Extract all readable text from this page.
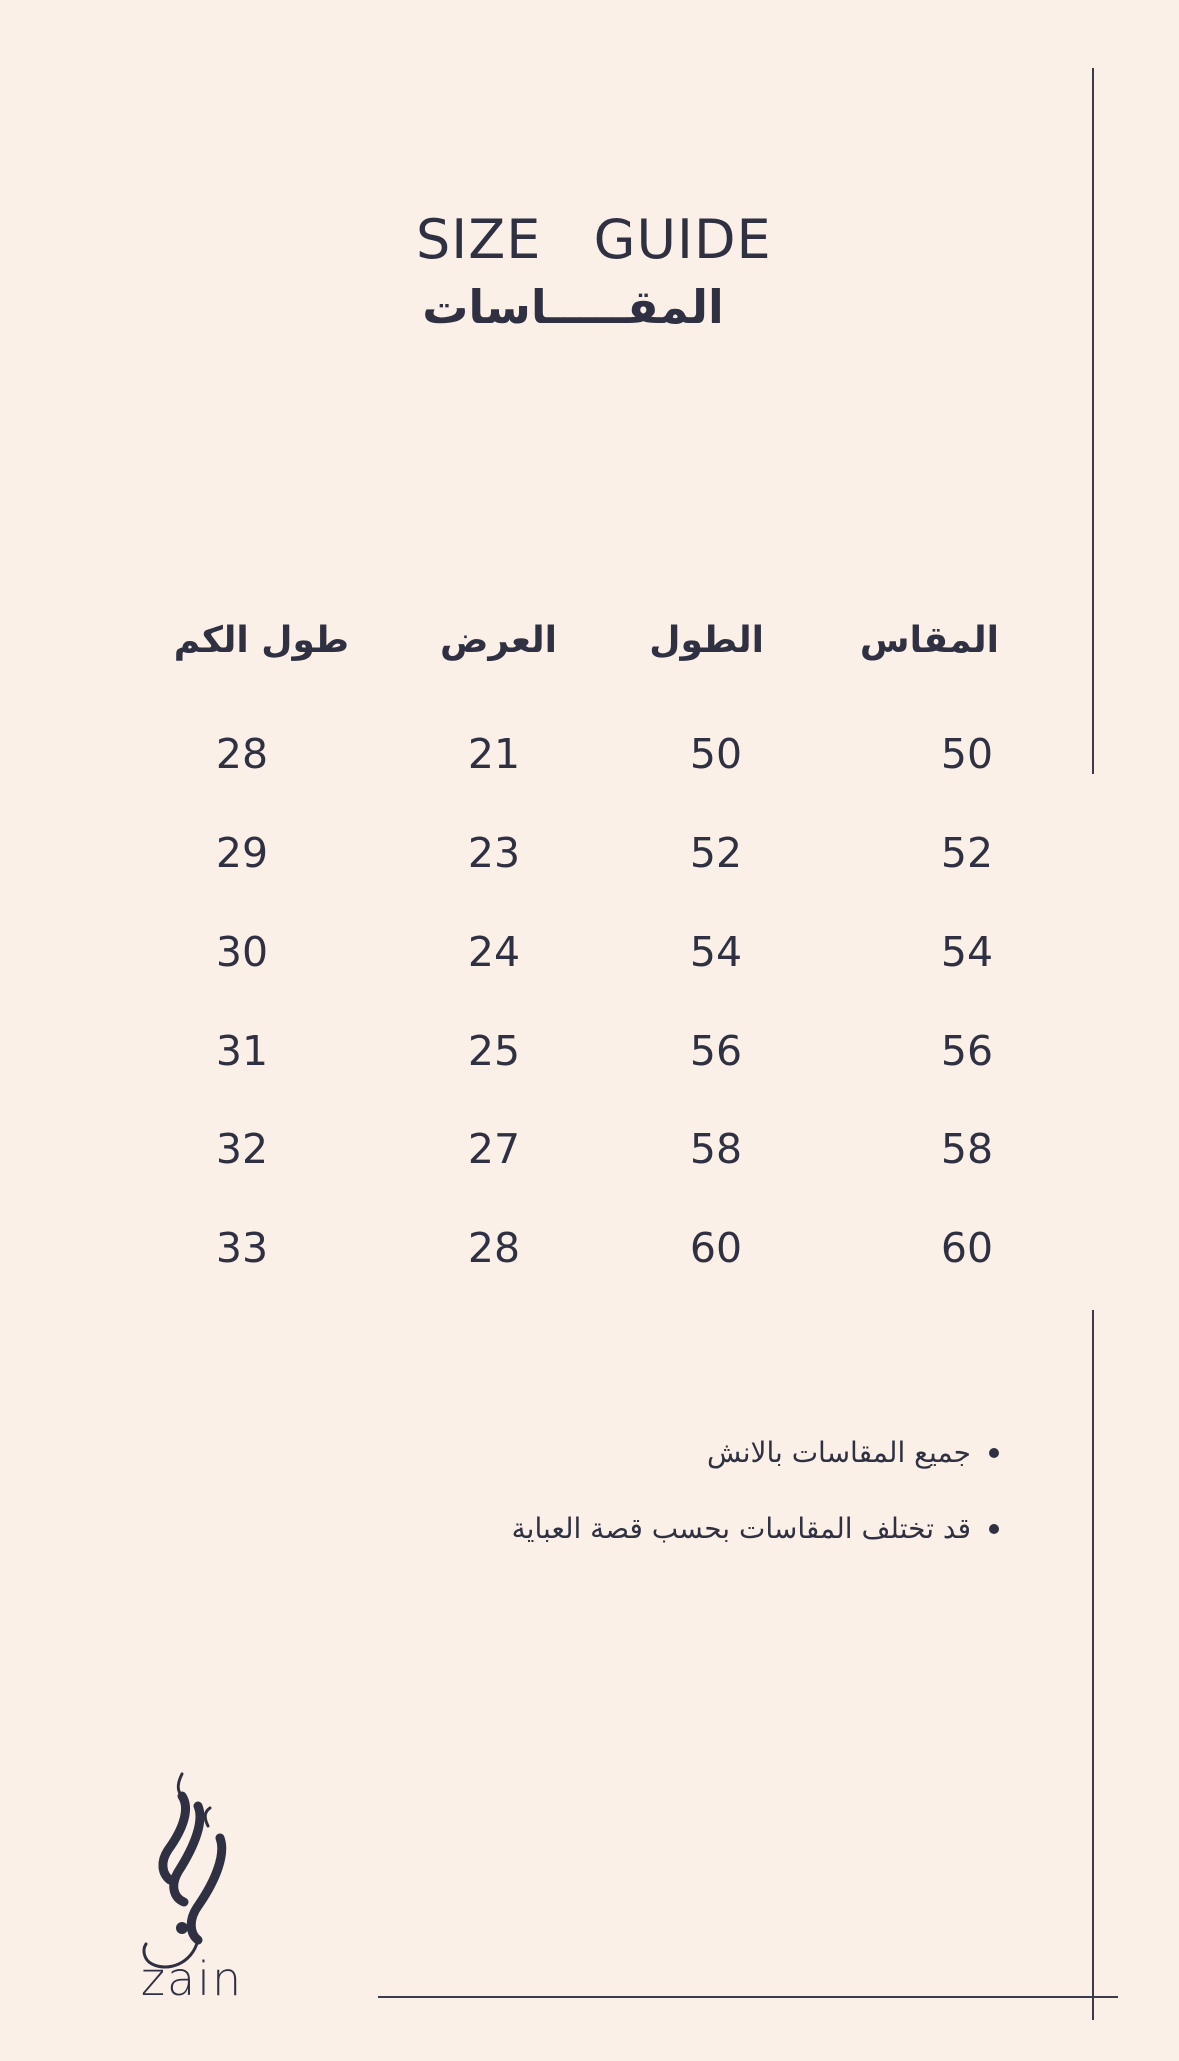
SIZE  GUIDE
المقـــــاسات
المقاس
الطول
العرض
طول الكم
50
50
21
28
52
52
23
29
54
54
24
30
56
56
25
31
58
58
27
32
60
60
28
33
جميع المقاسات بالانش
قد تختلف المقاسات بحسب قصة العباية
zain
